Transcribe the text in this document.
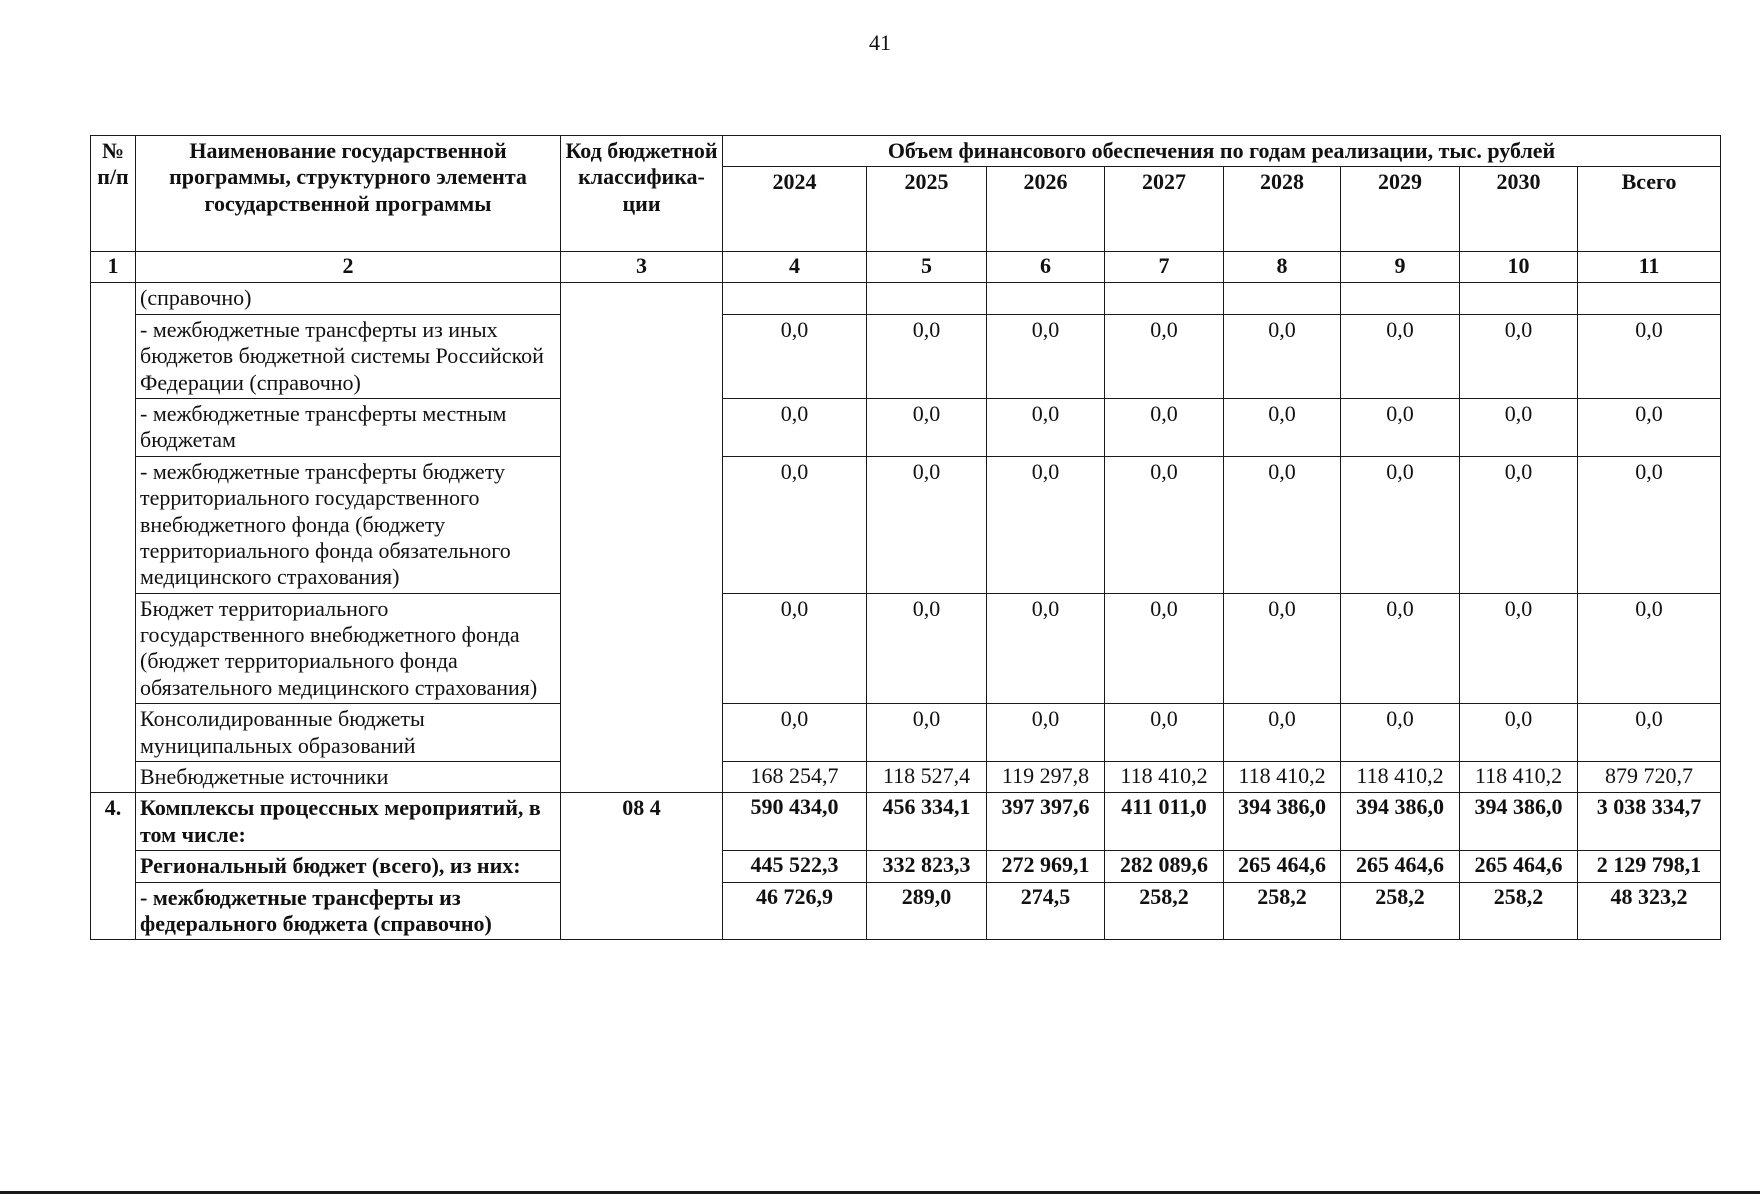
41
№ п/п	Наименование государственной программы, структурного элемента государственной программы	Код бюджетной классифика-ции	Объем финансового обеспечения по годам реализации, тыс. рублей							
			2024	2025	2026	2027	2028	2029	2030	Всего
1	2	3	4	5	6	7	8	9	10	11
	(справочно)									
	- межбюджетные трансферты из иных бюджетов бюджетной системы Российской Федерации (справочно)		0,0	0,0	0,0	0,0	0,0	0,0	0,0	0,0
	- межбюджетные трансферты местным бюджетам		0,0	0,0	0,0	0,0	0,0	0,0	0,0	0,0
	- межбюджетные трансферты бюджету территориального государственного внебюджетного фонда (бюджету территориального фонда обязательного медицинского страхования)		0,0	0,0	0,0	0,0	0,0	0,0	0,0	0,0
	Бюджет территориального государственного внебюджетного фонда (бюджет территориального фонда обязательного медицинского страхования)		0,0	0,0	0,0	0,0	0,0	0,0	0,0	0,0
	Консолидированные бюджеты муниципальных образований		0,0	0,0	0,0	0,0	0,0	0,0	0,0	0,0
	Внебюджетные источники		168 254,7	118 527,4	119 297,8	118 410,2	118 410,2	118 410,2	118 410,2	879 720,7
4.	Комплексы процессных мероприятий, в том числе:	08 4	590 434,0	456 334,1	397 397,6	411 011,0	394 386,0	394 386,0	394 386,0	3 038 334,7
	Региональный бюджет (всего), из них:		445 522,3	332 823,3	272 969,1	282 089,6	265 464,6	265 464,6	265 464,6	2 129 798,1
	- межбюджетные трансферты из федерального бюджета (справочно)		46 726,9	289,0	274,5	258,2	258,2	258,2	258,2	48 323,2
